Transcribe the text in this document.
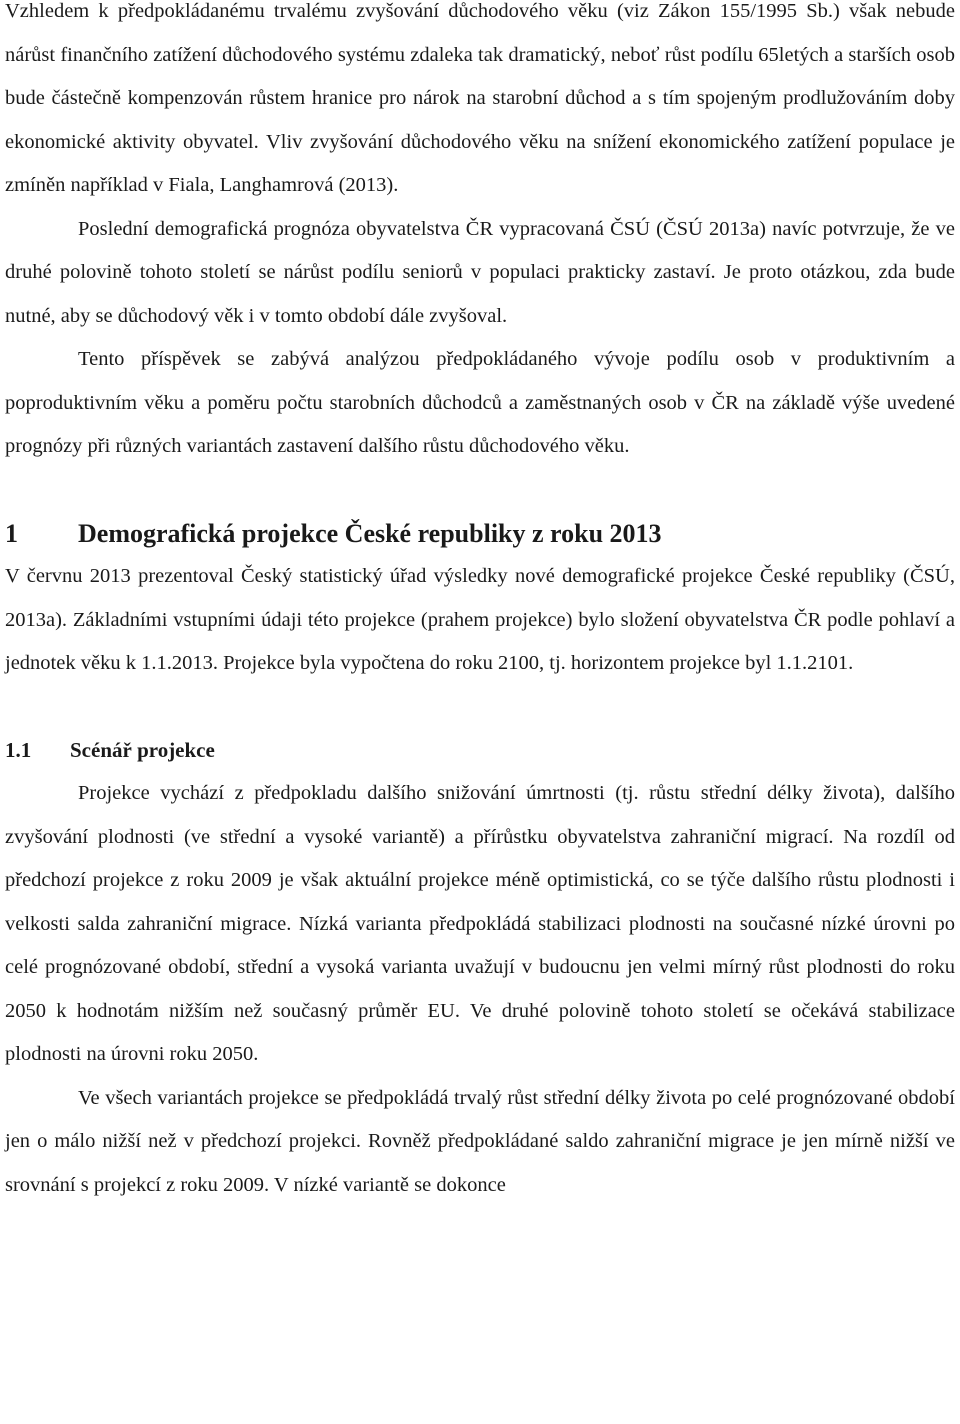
Vzhledem k předpokládanému trvalému zvyšování důchodového věku (viz Zákon 155/1995 Sb.) však nebude nárůst finančního zatížení důchodového systému zdaleka tak dramatický, neboť růst podílu 65letých a starších osob bude částečně kompenzován růstem hranice pro nárok na starobní důchod a s tím spojeným prodlužováním doby ekonomické aktivity obyvatel. Vliv zvyšování důchodového věku na snížení ekonomického zatížení populace je zmíněn například v Fiala, Langhamrová (2013).

Poslední demografická prognóza obyvatelstva ČR vypracovaná ČSÚ (ČSÚ 2013a) navíc potvrzuje, že ve druhé polovině tohoto století se nárůst podílu seniorů v populaci prakticky zastaví. Je proto otázkou, zda bude nutné, aby se důchodový věk i v tomto období dále zvyšoval.

Tento příspěvek se zabývá analýzou předpokládaného vývoje podílu osob v produktivním a poproduktivním věku a poměru počtu starobních důchodců a zaměstnaných osob v ČR na základě výše uvedené prognózy při různých variantách zastavení dalšího růstu důchodového věku.

1 Demografická projekce České republiky z roku 2013

V červnu 2013 prezentoval Český statistický úřad výsledky nové demografické projekce České republiky (ČSÚ, 2013a). Základními vstupními údaji této projekce (prahem projekce) bylo složení obyvatelstva ČR podle pohlaví a jednotek věku k 1.1.2013. Projekce byla vypočtena do roku 2100, tj. horizontem projekce byl 1.1.2101.

1.1 Scénář projekce

Projekce vychází z předpokladu dalšího snižování úmrtnosti (tj. růstu střední délky života), dalšího zvyšování plodnosti (ve střední a vysoké variantě) a přírůstku obyvatelstva zahraniční migrací. Na rozdíl od předchozí projekce z roku 2009 je však aktuální projekce méně optimistická, co se týče dalšího růstu plodnosti i velkosti salda zahraniční migrace. Nízká varianta předpokládá stabilizaci plodnosti na současné nízké úrovni po celé prognózované období, střední a vysoká varianta uvažují v budoucnu jen velmi mírný růst plodnosti do roku 2050 k hodnotám nižším než současný průměr EU. Ve druhé polovině tohoto století se očekává stabilizace plodnosti na úrovni roku 2050.

Ve všech variantách projekce se předpokládá trvalý růst střední délky života po celé prognózované období jen o málo nižší než v předchozí projekci. Rovněž předpokládané saldo zahraniční migrace je jen mírně nižší ve srovnání s projekcí z roku 2009. V nízké variantě se dokonce
